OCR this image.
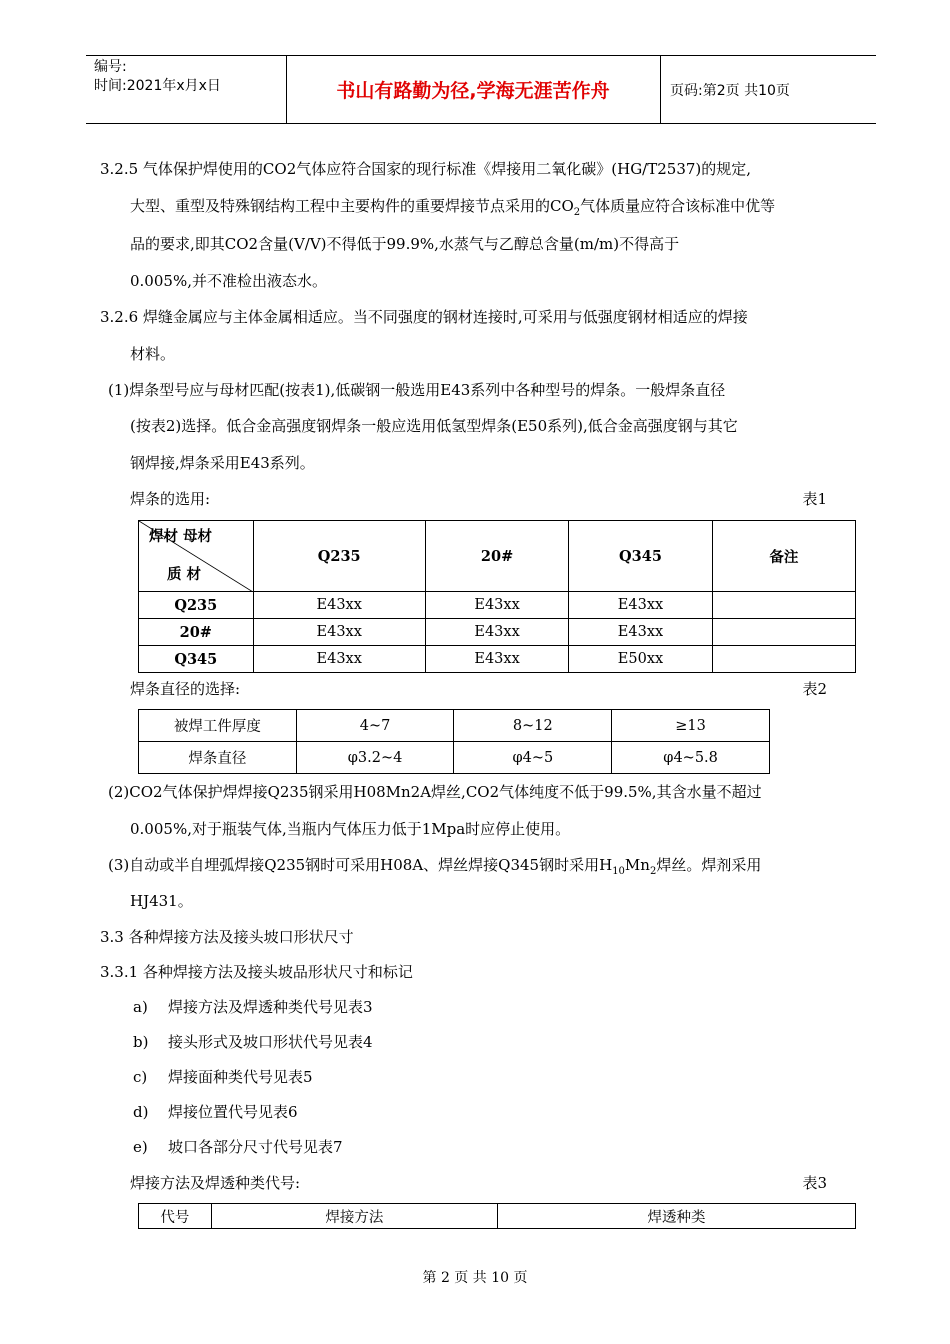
编号:
时间:2021年x月x日	书山有路勤为径,学海无涯苦作舟	页码:第2页 共10页
3.2.5 气体保护焊使用的CO2气体应符合国家的现行标准《焊接用二氧化碳》(HG/T2537)的规定,
大型、重型及特殊钢结构工程中主要构件的重要焊接节点采用的$CO_2$气体质量应符合该标准中优等
品的要求,即其CO2含量(V/V)不得低于99.9%,水蒸气与乙醇总含量(m/m)不得高于
0.005%,并不准检出液态水。
3.2.6 焊缝金属应与主体金属相适应。当不同强度的钢材连接时,可采用与低强度钢材相适应的焊接
材料。
(1)焊条型号应与母材匹配(按表1),低碳钢一般选用E43系列中各种型号的焊条。一般焊条直径
(按表2)选择。低合金高强度钢焊条一般应选用低氢型焊条(E50系列),低合金高强度钢与其它
钢焊接,焊条采用E43系列。
焊条的选用:	表1
焊材 母材
质 材	Q235	20#	Q345	备注
Q235	E43xx	E43xx	E43xx	
20#	E43xx	E43xx	E43xx	
Q345	E43xx	E43xx	E50xx	
焊条直径的选择:	表2
被焊工件厚度	4~7	8~12	≥13
焊条直径	φ3.2~4	φ4~5	φ4~5.8
(2)CO2气体保护焊焊接Q235钢采用H08Mn2A焊丝,CO2气体纯度不低于99.5%,其含水量不超过
0.005%,对于瓶装气体,当瓶内气体压力低于1Mpa时应停止使用。
(3)自动或半自埋弧焊接Q235钢时可采用H08A、焊丝焊接Q345钢时采用$H_{10}Mn_2$焊丝。焊剂采用
HJ431。
3.3 各种焊接方法及接头坡口形状尺寸
3.3.1 各种焊接方法及接头坡品形状尺寸和标记
a) 焊接方法及焊透种类代号见表3
b) 接头形式及坡口形状代号见表4
c) 焊接面种类代号见表5
d) 焊接位置代号见表6
e) 坡口各部分尺寸代号见表7
焊接方法及焊透种类代号:	表3
代号	焊接方法	焊透种类
第 2 页 共 10 页
